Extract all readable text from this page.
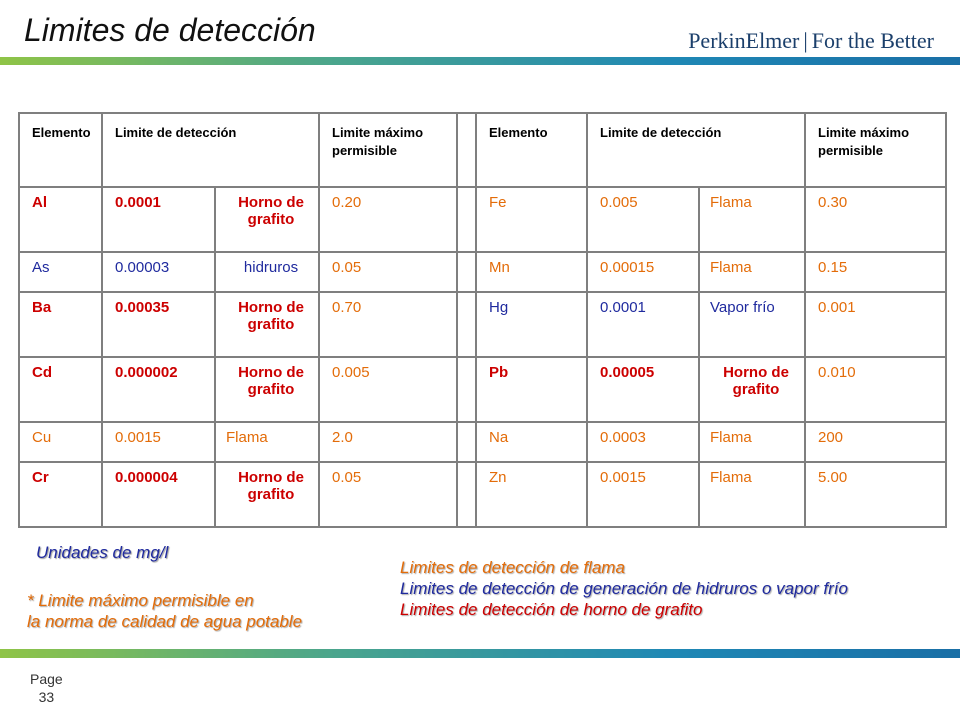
Limites de detección	PerkinElmer | For the Better
Elemento	Limite de detección		Limite máximo permisible		Elemento	Limite de detección		Limite máximo permisible
Al	0.0001	Horno de grafito	0.20		Fe	0.005	Flama	0.30
As	0.00003	hidruros	0.05		Mn	0.00015	Flama	0.15
Ba	0.00035	Horno de grafito	0.70		Hg	0.0001	Vapor frío	0.001
Cd	0.000002	Horno de grafito	0.005		Pb	0.00005	Horno de grafito	0.010
Cu	0.0015	Flama	2.0		Na	0.0003	Flama	200
Cr	0.000004	Horno de grafito	0.05		Zn	0.0015	Flama	5.00
Unidades de mg/l
* Limite máximo permisible en
la norma de calidad de agua potable
Limites de detección de flama
Limites de detección de generación de hidruros o vapor frío
Limites de detección de horno de grafito
Page
33
